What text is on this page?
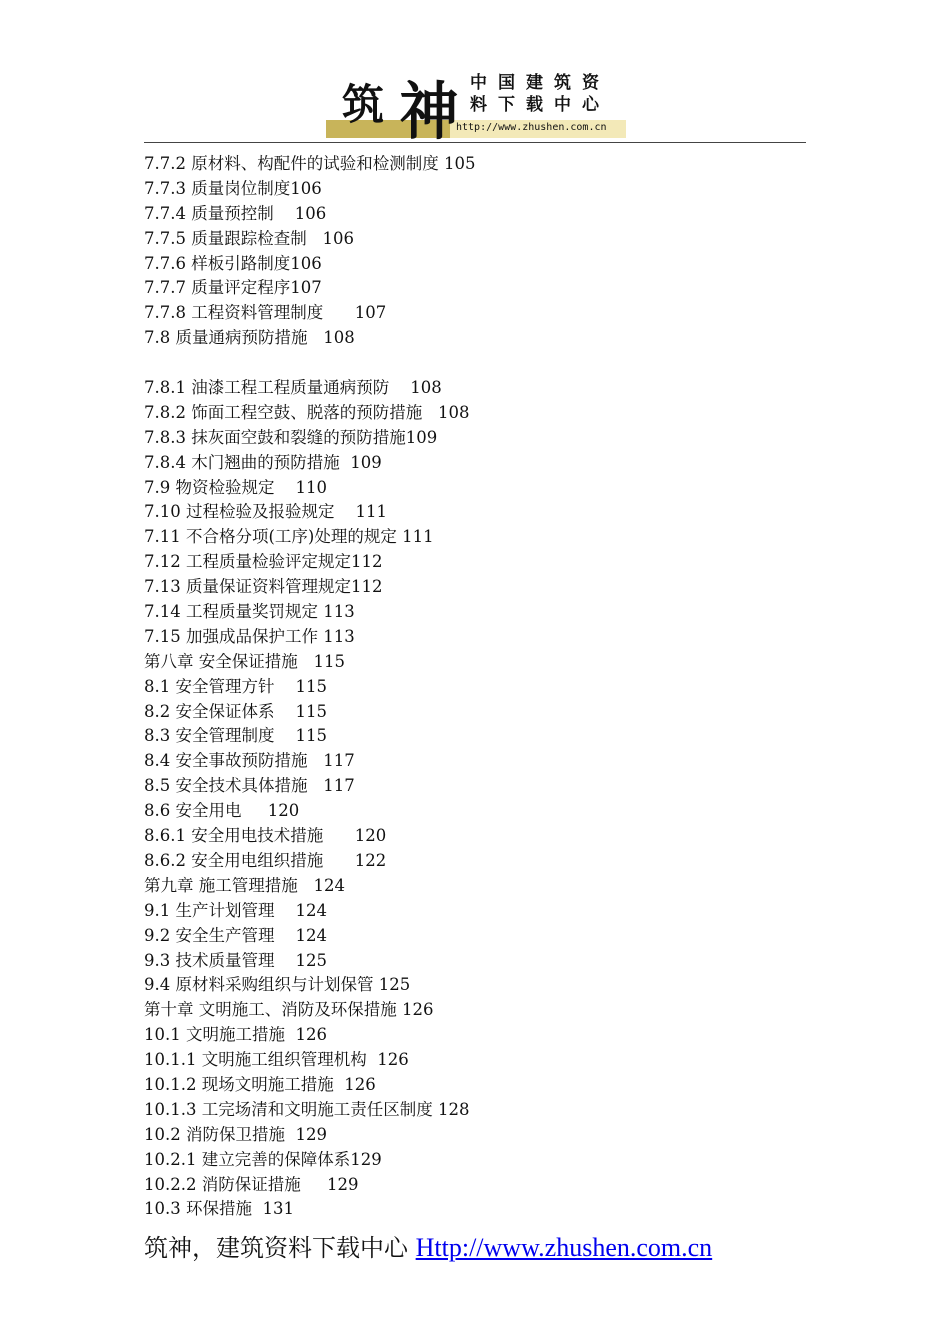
筑 神 中国建筑资
料下载中心
http://www.zhushen.com.cn
7.7.2 原材料、构配件的试验和检测制度 105
7.7.3 质量岗位制度106
7.7.4 质量预控制    106
7.7.5 质量跟踪检查制   106
7.7.6 样板引路制度106
7.7.7 质量评定程序107
7.7.8 工程资料管理制度      107
7.8 质量通病预防措施   108
7.8.1 油漆工程工程质量通病预防    108
7.8.2 饰面工程空鼓、脱落的预防措施   108
7.8.3 抹灰面空鼓和裂缝的预防措施109
7.8.4 木门翘曲的预防措施  109
7.9 物资检验规定    110
7.10 过程检验及报验规定    111
7.11 不合格分项(工序)处理的规定 111
7.12 工程质量检验评定规定112
7.13 质量保证资料管理规定112
7.14 工程质量奖罚规定 113
7.15 加强成品保护工作 113
第八章 安全保证措施   115
8.1 安全管理方针    115
8.2 安全保证体系    115
8.3 安全管理制度    115
8.4 安全事故预防措施   117
8.5 安全技术具体措施   117
8.6 安全用电     120
8.6.1 安全用电技术措施      120
8.6.2 安全用电组织措施      122
第九章 施工管理措施   124
9.1 生产计划管理    124
9.2 安全生产管理    124
9.3 技术质量管理    125
9.4 原材料采购组织与计划保管 125
第十章 文明施工、消防及环保措施 126
10.1 文明施工措施  126
10.1.1 文明施工组织管理机构  126
10.1.2 现场文明施工措施  126
10.1.3 工完场清和文明施工责任区制度 128
10.2 消防保卫措施  129
10.2.1 建立完善的保障体系129
10.2.2 消防保证措施     129
10.3 环保措施  131
筑神，建筑资料下载中心 Http://www.zhushen.com.cn
